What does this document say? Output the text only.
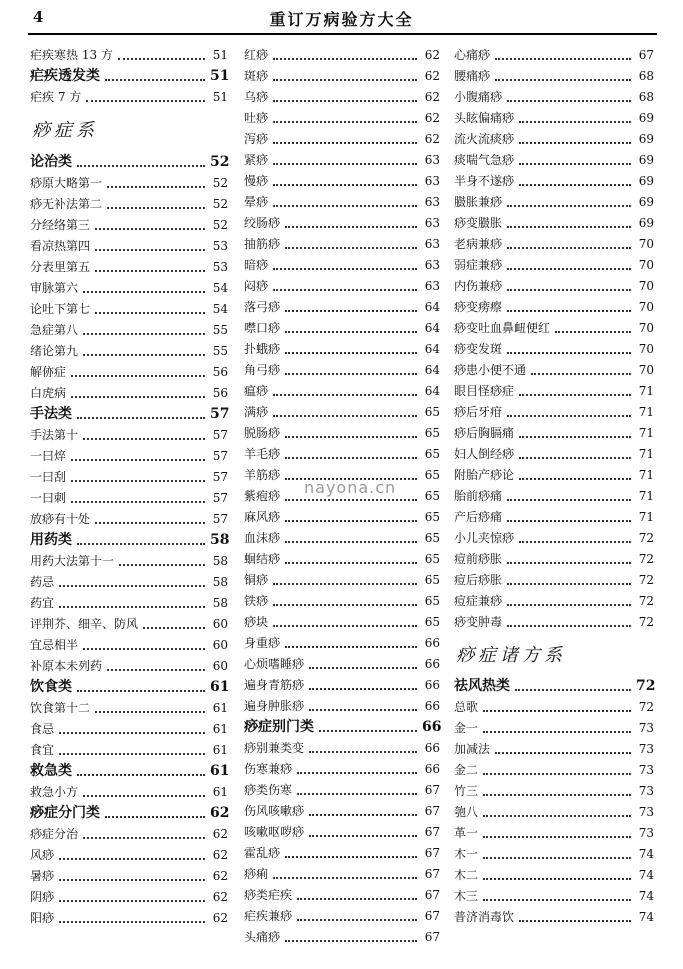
4	重订万病验方大全
疟疾寒热 13 方	51
疟疾透发类	51
疟疾 7 方	51
痧症系
论治类	52
痧原大略第一	52
痧无补法第二	52
分经络第三	52
看凉热第四	53
分表里第五	53
审脉第六	54
论吐下第七	54
急症第八	55
绪论第九	55
解㑊症	56
白虎病	56
手法类	57
手法第十	57
一曰焠	57
一曰刮	57
一曰刺	57
放痧有十处	57
用药类	58
用药大法第十一	58
药忌	58
药宜	58
评荆芥、细辛、防风	60
宜忌相半	60
补原本未列药	60
饮食类	61
饮食第十二	61
食忌	61
食宜	61
救急类	61
救急小方	61
痧症分门类	62
痧症分治	62
风痧	62
暑痧	62
阴痧	62
阳痧	62
红痧	62
斑痧	62
乌痧	62
吐痧	62
泻痧	62
紧痧	63
慢痧	63
晕痧	63
绞肠痧	63
抽筋痧	63
暗痧	63
闷痧	63
落弓痧	64
噤口痧	64
扑蛾痧	64
角弓痧	64
瘟痧	64
满痧	65
脱肠痧	65
羊毛痧	65
羊筋痧	65
紫疱痧	65
麻风痧	65
血沫痧	65
蛔结痧	65
铜痧	65
铁痧	65
痧块	65
身重痧	66
心烦嗜睡痧	66
遍身青筋痧	66
遍身肿胀痧	66
痧症别门类	66
痧别兼类变	66
伤寒兼痧	66
痧类伤寒	67
伤风咳嗽痧	67
咳嗽呕哕痧	67
霍乱痧	67
痧痢	67
痧类疟疾	67
疟疾兼痧	67
头痛痧	67
心痛痧	67
腰痛痧	68
小腹痛痧	68
头眩偏痛痧	69
流火流痰痧	69
痰喘气急痧	69
半身不遂痧	69
臌胀兼痧	69
痧变臌胀	69
老病兼痧	70
弱症兼痧	70
内伤兼痧	70
痧变痨瘵	70
痧变吐血鼻衄便红	70
痧变发斑	70
痧患小便不通	70
眼目怪痧症	71
痧后牙疳	71
痧后胸膈痛	71
妇人倒经痧	71
附胎产痧论	71
胎前痧痛	71
产后痧痛	71
小儿夹惊痧	72
痘前痧胀	72
痘后痧胀	72
痘症兼痧	72
痧变肿毒	72
痧症诸方系
祛风热类	72
总歌	72
金一	73
加减法	73
金二	73
竹三	73
匏八	73
革一	73
木一	74
木二	74
木三	74
普济消毒饮	74
nayona.cn
